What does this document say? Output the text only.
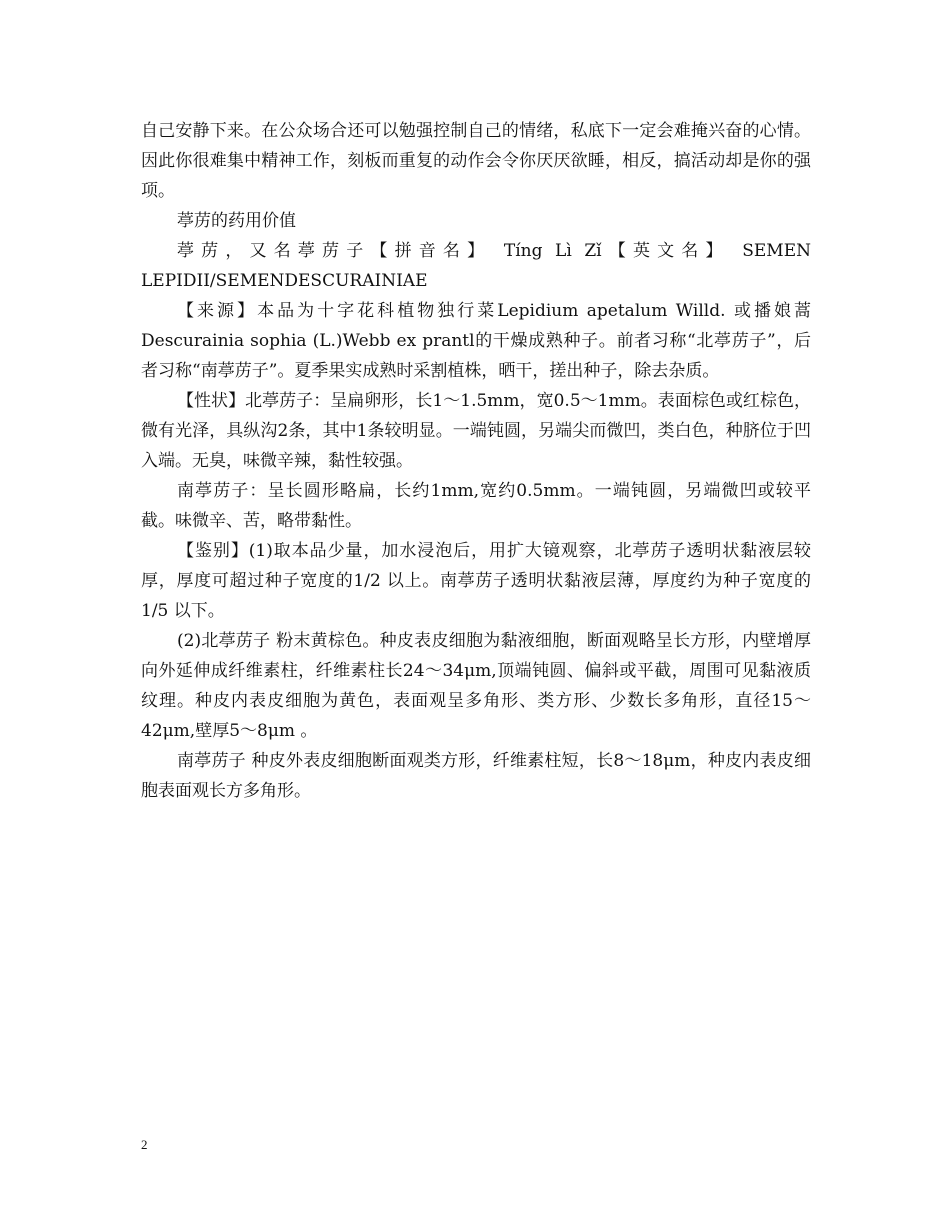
自己安静下来。在公众场合还可以勉强控制自己的情绪，私底下一定会难掩兴奋的心情。因此你很难集中精神工作，刻板而重复的动作会令你厌厌欲睡，相反，搞活动却是你的强项。

葶苈的药用价值

葶苈，又名葶苈子【拼音名】 Tíng Lì Zǐ【英文名】 SEMEN LEPIDII/SEMENDESCURAINIAE

【来源】本品为十字花科植物独行菜Lepidium apetalum Willd. 或播娘蒿Descurainia sophia (L.)Webb ex prantl的干燥成熟种子。前者习称“北葶苈子”，后者习称“南葶苈子”。夏季果实成熟时采割植株，晒干，搓出种子，除去杂质。

【性状】北葶苈子：呈扁卵形，长1～1.5mm，宽0.5～1mm。表面棕色或红棕色，微有光泽，具纵沟2条，其中1条较明显。一端钝圆，另端尖而微凹，类白色，种脐位于凹入端。无臭，味微辛辣，黏性较强。

南葶苈子：呈长圆形略扁，长约1mm,宽约0.5mm。一端钝圆，另端微凹或较平截。味微辛、苦，略带黏性。

【鉴别】(1)取本品少量，加水浸泡后，用扩大镜观察，北葶苈子透明状黏液层较厚，厚度可超过种子宽度的1/2 以上。南葶苈子透明状黏液层薄，厚度约为种子宽度的1/5 以下。

(2)北葶苈子 粉末黄棕色。种皮表皮细胞为黏液细胞，断面观略呈长方形，内壁增厚向外延伸成纤维素柱，纤维素柱长24～34μm,顶端钝圆、偏斜或平截，周围可见黏液质纹理。种皮内表皮细胞为黄色，表面观呈多角形、类方形、少数长多角形，直径15～42μm,壁厚5～8μm 。

南葶苈子 种皮外表皮细胞断面观类方形，纤维素柱短，长8～18μm，种皮内表皮细胞表面观长方多角形。

2
